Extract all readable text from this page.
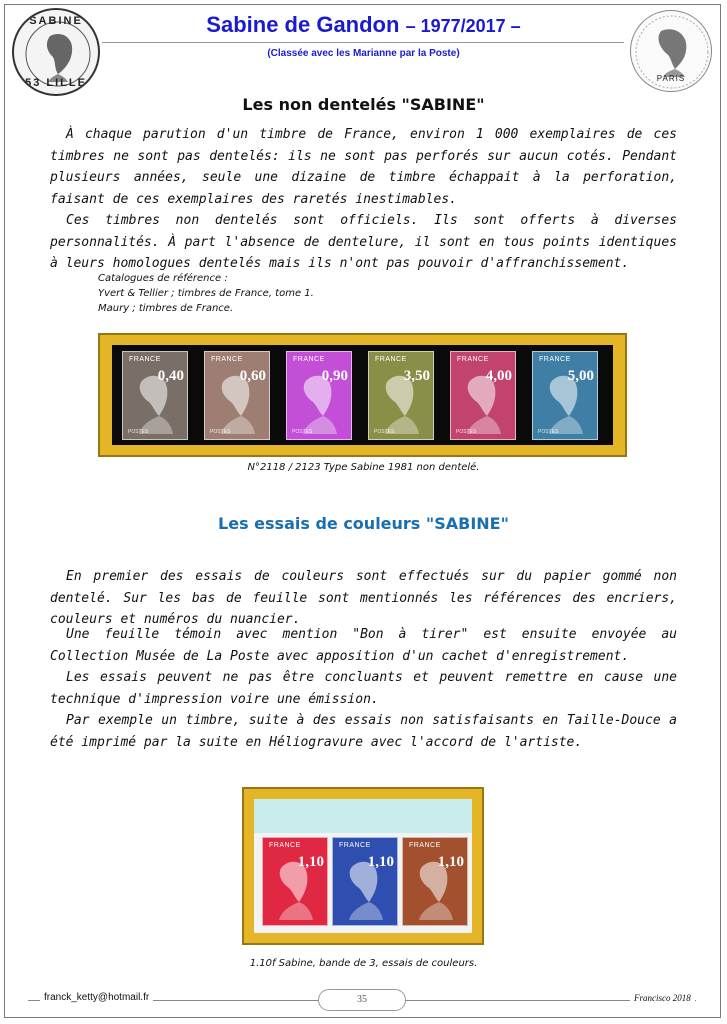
SABINE
53 LILLE
Sabine de Gandon – 1977/2017 –
(Classée avec les Marianne par la Poste)
PARIS
Les non dentelés "SABINE"

À chaque parution d'un timbre de France, environ 1 000 exemplaires de ces timbres ne sont pas dentelés: ils ne sont pas perforés sur aucun cotés. Pendant plusieurs années, seule une dizaine de timbre échappait à la perforation, faisant de ces exemplaires des raretés inestimables.

Ces timbres non dentelés sont officiels. Ils sont offerts à diverses personnalités. À part l'absence de dentelure, il sont en tous points identiques à leurs homologues dentelés mais ils n'ont pas pouvoir d'affranchissement.

Catalogues de référence :
Yvert & Tellier ; timbres de France, tome 1.
Maury ; timbres de France.
FRANCE
0,40
POSTES
FRANCE
0,60
POSTES
FRANCE
0,90
POSTES
FRANCE
3,50
POSTES
FRANCE
4,00
POSTES
FRANCE
5,00
POSTES
N°2118 / 2123 Type Sabine 1981 non dentelé.
Les essais de couleurs "SABINE"

En premier des essais de couleurs sont effectués sur du papier gommé non dentelé. Sur les bas de feuille sont mentionnés les références des encriers, couleurs et numéros du nuancier.

Une feuille témoin avec mention "Bon à tirer" est ensuite envoyée au Collection Musée de La Poste avec apposition d'un cachet d'enregistrement.

Les essais peuvent ne pas être concluants et peuvent remettre en cause une technique d'impression voire une émission.

Par exemple un timbre, suite à des essais non satisfaisants en Taille-Douce a été imprimé par la suite en Héliogravure avec l'accord de l'artiste.

FRANCE
1,10
FRANCE
1,10
FRANCE
1,10
1.10f Sabine, bande de 3, essais de couleurs.
franck_ketty@hotmail.fr	35	Francisco 2018
